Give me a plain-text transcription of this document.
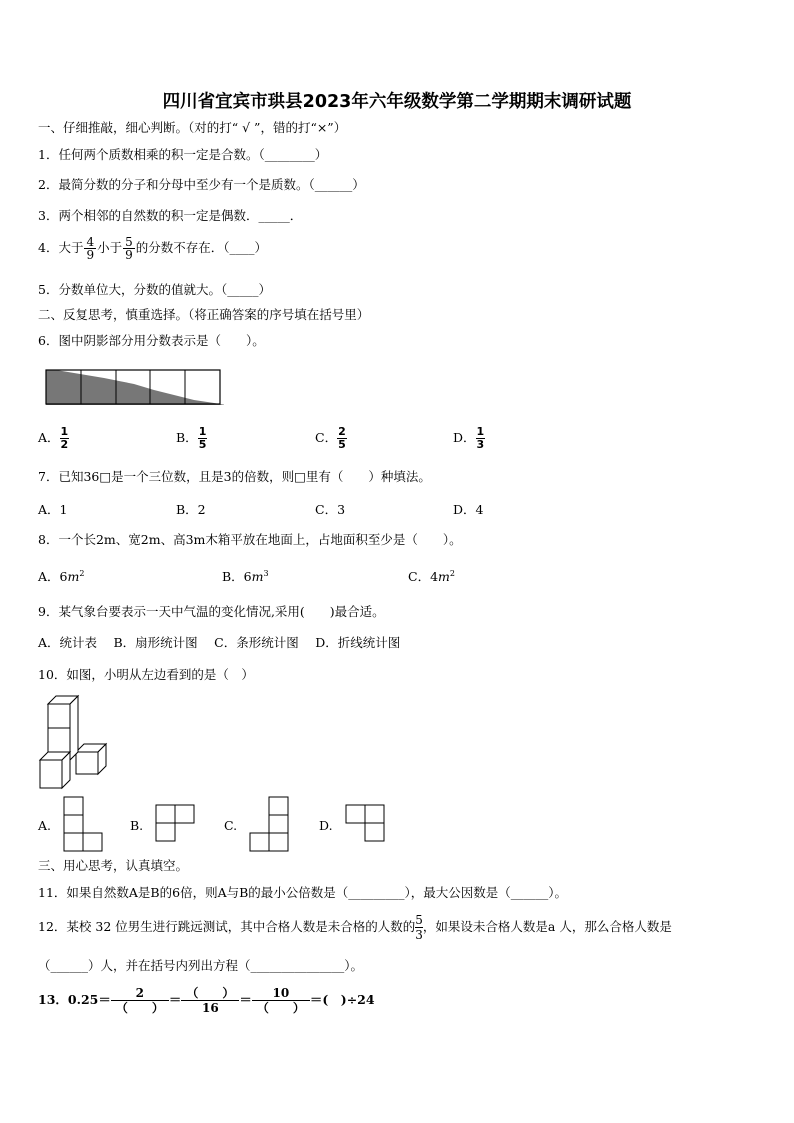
四川省宜宾市珙县2023年六年级数学第二学期期末调研试题
一、仔细推敲，细心判断。（对的打“ √ ”，错的打“×”）
1．任何两个质数相乘的积一定是合数。（________）
2．最简分数的分子和分母中至少有一个是质数。（______）
3．两个相邻的自然数的积一定是偶数．_____．
4．大于 $\frac{4}{9}$ 小于 $\frac{5}{9}$ 的分数不存在．（____）
5．分数单位大，分数的值就大。（_____）
二、反复思考，慎重选择。（将正确答案的序号填在括号里）
6．图中阴影部分用分数表示是（　　）。
A． $\frac{1}{2}$	B． $\frac{1}{5}$	C． $\frac{2}{5}$	D． $\frac{1}{3}$
7．已知36□是一个三位数，且是3的倍数，则□里有（　　）种填法。
A．1	B．2	C．3	D．4
8．一个长2m、宽2m、高3m木箱平放在地面上，占地面积至少是（　　）。
A．$6m^2$	B．$6m^3$	C．$4m^2$
9．某气象台要表示一天中气温的变化情况,采用(　　)最合适。
A．统计表　 B．扇形统计图　 C．条形统计图　 D．折线统计图
10．如图，小明从左边看到的是（　）
A.	B.	C.	D.
三、用心思考，认真填空。
11．如果自然数A是B的6倍，则A与B的最小公倍数是（_________），最大公因数是（______）。
12．某校 32 位男生进行跳远测试，其中合格人数是未合格的人数的 $\frac{5}{3}$ ，如果设未合格人数是a 人，那么合格人数是
（______）人，并在括号内列出方程（_______________）。
13．0.25＝	2
（　　）
＝ （　　）
16
＝	10
（　　）
＝(　)÷24
